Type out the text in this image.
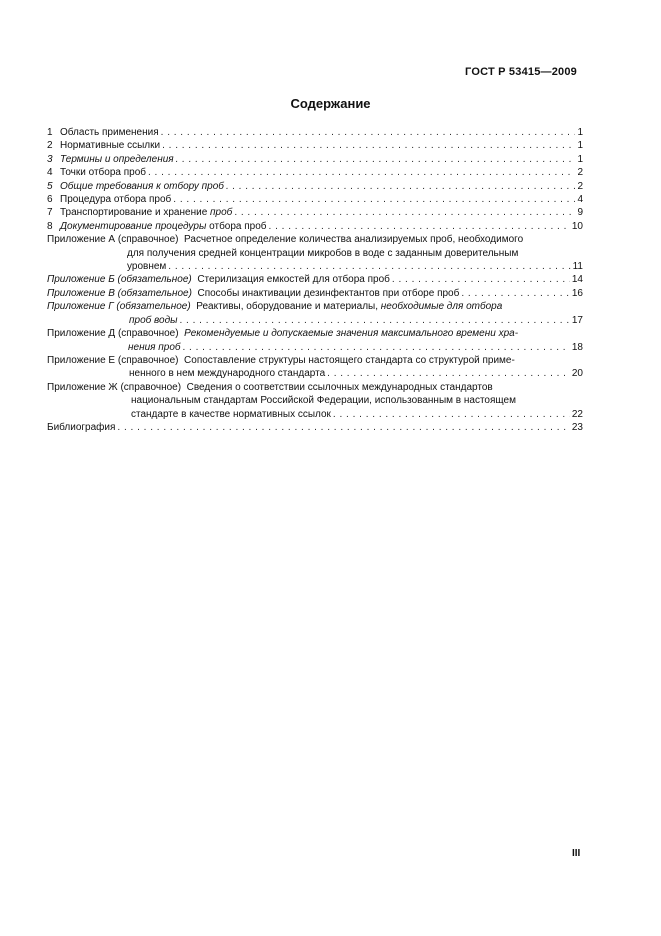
ГОСТ Р 53415—2009
Содержание
1 Область применения . . .	1
2 Нормативные ссылки . . .	1
3 Термины и определения . . .	1
4 Точки отбора проб . . .	2
5 Общие требования к отбору проб . . .	2
6 Процедура отбора проб . . .	4
7 Транспортирование и хранение
проб . . .	9
8 Документирование процедуры
отбора проб . . .	10
Приложение А (справочное)
Расчетное определение количества анализируемых проб, необходимого
для получения средней концентрации микробов в воде с заданным доверительным
уровнем . . .	11
Приложение Б (обязательное)
Стерилизация емкостей для отбора проб . . .	14
Приложение В (обязательное)
Способы инактивации дезинфектантов при отборе проб . . .	16
Приложение Г (обязательное)
Реактивы, оборудование и материалы,
необходимые для отбора
проб воды . . .	17
Приложение Д (справочное)
Рекомендуемые и допускаемые значения максимального времени хра-
нения проб . . .	18
Приложение Е (справочное)
Сопоставление структуры настоящего стандарта со структурой приме-
ненного в нем международного стандарта . . .	20
Приложение Ж (справочное)
Сведения о соответствии ссылочных международных стандартов
национальным стандартам Российской Федерации, использованным в настоящем
стандарте в качестве нормативных ссылок . . .	22
Библиография . . .	23
III
